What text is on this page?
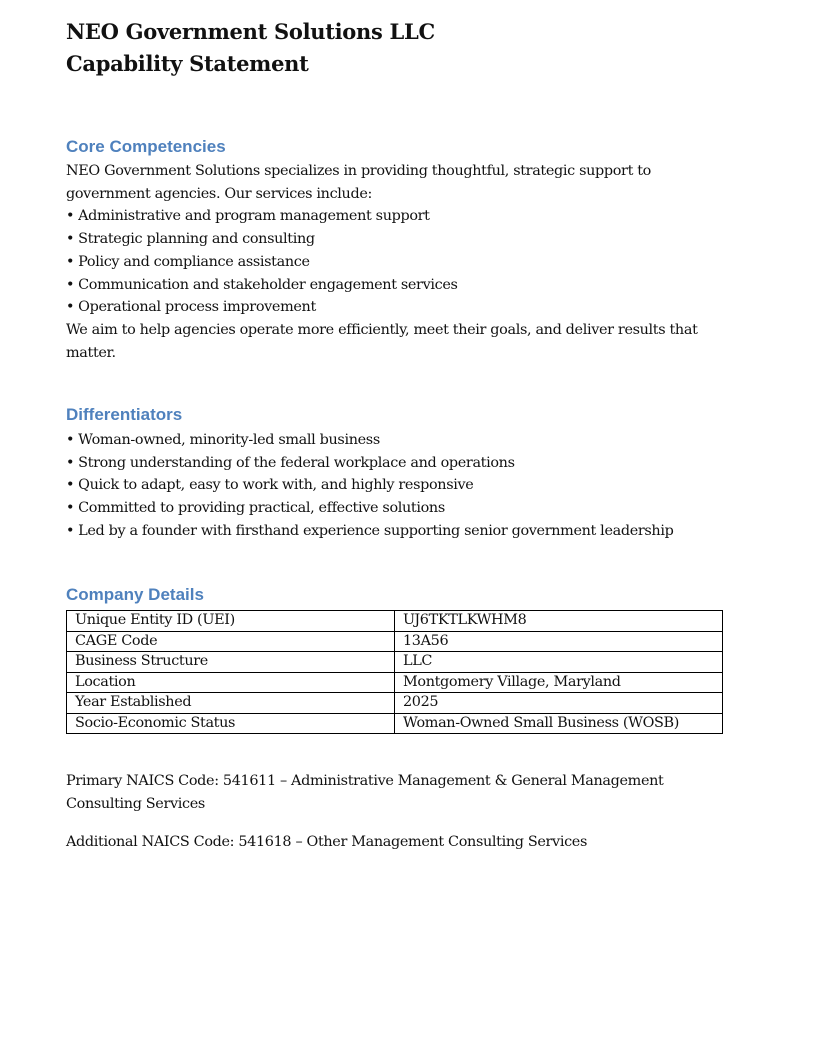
NEO Government Solutions LLC
Capability Statement
Core Competencies

NEO Government Solutions specializes in providing thoughtful, strategic support to government agencies. Our services include:

• Administrative and program management support
• Strategic planning and consulting
• Policy and compliance assistance
• Communication and stakeholder engagement services
• Operational process improvement

We aim to help agencies operate more efficiently, meet their goals, and deliver results that matter.

Differentiators
• Woman-owned, minority-led small business
• Strong understanding of the federal workplace and operations
• Quick to adapt, easy to work with, and highly responsive
• Committed to providing practical, effective solutions
• Led by a founder with firsthand experience supporting senior government leadership
Company Details
Unique Entity ID (UEI)	UJ6TKTLKWHM8
CAGE Code	13A56
Business Structure	LLC
Location	Montgomery Village, Maryland
Year Established	2025
Socio-Economic Status	Woman-Owned Small Business (WOSB)

Primary NAICS Code: 541611 – Administrative Management & General Management Consulting Services

Additional NAICS Code: 541618 – Other Management Consulting Services
